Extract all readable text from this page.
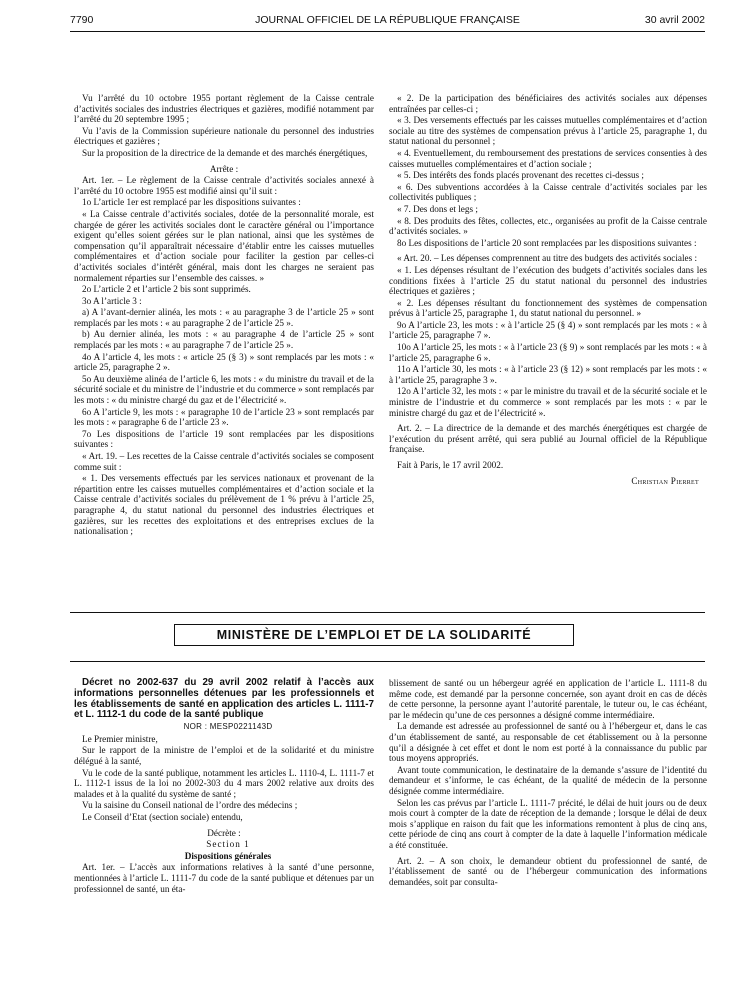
7790	JOURNAL OFFICIEL DE LA RÉPUBLIQUE FRANÇAISE	30 avril 2002

Vu l’arrêté du 10 octobre 1955 portant règlement de la Caisse centrale d’activités sociales des industries électriques et gazières, modifié notamment par l’arrêté du 20 septembre 1995 ;

Vu l’avis de la Commission supérieure nationale du personnel des industries électriques et gazières ;

Sur la proposition de la directrice de la demande et des marchés énergétiques,

Arrête :

Art. 1er. – Le règlement de la Caisse centrale d’activités sociales annexé à l’arrêté du 10 octobre 1955 est modifié ainsi qu’il suit :

1o L’article 1er est remplacé par les dispositions suivantes :

« La Caisse centrale d’activités sociales, dotée de la personnalité morale, est chargée de gérer les activités sociales dont le caractère général ou l’importance exigent qu’elles soient gérées sur le plan national, ainsi que les systèmes de compensation qu’il apparaîtrait nécessaire d’établir entre les caisses mutuelles complémentaires et d’action sociale pour faciliter la gestion par celles-ci d’activités sociales d’intérêt général, mais dont les charges ne seraient pas normalement réparties sur l’ensemble des caisses. »

2o L’article 2 et l’article 2 bis sont supprimés.

3o A l’article 3 :

a) A l’avant-dernier alinéa, les mots : « au paragraphe 3 de l’article 25 » sont remplacés par les mots : « au paragraphe 2 de l’article 25 ».

b) Au dernier alinéa, les mots : « au paragraphe 4 de l’article 25 » sont remplacés par les mots : « au paragraphe 7 de l’article 25 ».

4o A l’article 4, les mots : « article 25 (§ 3) » sont remplacés par les mots : « article 25, paragraphe 2 ».

5o Au deuxième alinéa de l’article 6, les mots : « du ministre du travail et de la sécurité sociale et du ministre de l’industrie et du commerce » sont remplacés par les mots : « du ministre chargé du gaz et de l’électricité ».

6o A l’article 9, les mots : « paragraphe 10 de l’article 23 » sont remplacés par les mots : « paragraphe 6 de l’article 23 ».

7o Les dispositions de l’article 19 sont remplacées par les dispositions suivantes :

« Art. 19. – Les recettes de la Caisse centrale d’activités sociales se composent comme suit :

« 1. Des versements effectués par les services nationaux et provenant de la répartition entre les caisses mutuelles complémentaires et d’action sociale et la Caisse centrale d’activités sociales du prélèvement de 1 % prévu à l’article 25, paragraphe 4, du statut national du personnel des industries électriques et gazières, sur les recettes des exploitations et des entreprises exclues de la nationalisation ;

« 2. De la participation des bénéficiaires des activités sociales aux dépenses entraînées par celles-ci ;

« 3. Des versements effectués par les caisses mutuelles complémentaires et d’action sociale au titre des systèmes de compensation prévus à l’article 25, paragraphe 1, du statut national du personnel ;

« 4. Eventuellement, du remboursement des prestations de services consenties à des caisses mutuelles complémentaires et d’action sociale ;

« 5. Des intérêts des fonds placés provenant des recettes ci-dessus ;

« 6. Des subventions accordées à la Caisse centrale d’activités sociales par les collectivités publiques ;

« 7. Des dons et legs ;

« 8. Des produits des fêtes, collectes, etc., organisées au profit de la Caisse centrale d’activités sociales. »

8o Les dispositions de l’article 20 sont remplacées par les dispositions suivantes :

« Art. 20. – Les dépenses comprennent au titre des budgets des activités sociales :

« 1. Les dépenses résultant de l’exécution des budgets d’activités sociales dans les conditions fixées à l’article 25 du statut national du personnel des industries électriques et gazières ;

« 2. Les dépenses résultant du fonctionnement des systèmes de compensation prévus à l’article 25, paragraphe 1, du statut national du personnel. »

9o A l’article 23, les mots : « à l’article 25 (§ 4) » sont remplacés par les mots : « à l’article 25, paragraphe 7 ».

10o A l’article 25, les mots : « à l’article 23 (§ 9) » sont remplacés par les mots : « à l’article 25, paragraphe 6 ».

11o A l’article 30, les mots : « à l’article 23 (§ 12) » sont remplacés par les mots : « à l’article 25, paragraphe 3 ».

12o A l’article 32, les mots : « par le ministre du travail et de la sécurité sociale et le ministre de l’industrie et du commerce » sont remplacés par les mots : « par le ministre chargé du gaz et de l’électricité ».

Art. 2. – La directrice de la demande et des marchés énergétiques est chargée de l’exécution du présent arrêté, qui sera publié au Journal officiel de la République française.

Fait à Paris, le 17 avril 2002.

Christian Pierret

MINISTÈRE DE L’EMPLOI ET DE LA SOLIDARITÉ

Décret no 2002-637 du 29 avril 2002 relatif à l’accès aux informations personnelles détenues par les professionnels et les établissements de santé en application des articles L. 1111-7 et L. 1112-1 du code de la santé publique

NOR : MESP0221143D

Le Premier ministre,

Sur le rapport de la ministre de l’emploi et de la solidarité et du ministre délégué à la santé,

Vu le code de la santé publique, notamment les articles L. 1110-4, L. 1111-7 et L. 1112-1 issus de la loi no 2002-303 du 4 mars 2002 relative aux droits des malades et à la qualité du système de santé ;

Vu la saisine du Conseil national de l’ordre des médecins ;

Le Conseil d’Etat (section sociale) entendu,

Décrète :

Section 1

Dispositions générales

Art. 1er. – L’accès aux informations relatives à la santé d’une personne, mentionnées à l’article L. 1111-7 du code de la santé publique et détenues par un professionnel de santé, un éta-

blissement de santé ou un hébergeur agréé en application de l’article L. 1111-8 du même code, est demandé par la personne concernée, son ayant droit en cas de décès de cette personne, la personne ayant l’autorité parentale, le tuteur ou, le cas échéant, par le médecin qu’une de ces personnes a désigné comme intermédiaire.

La demande est adressée au professionnel de santé ou à l’hébergeur et, dans le cas d’un établissement de santé, au responsable de cet établissement ou à la personne qu’il a désignée à cet effet et dont le nom est porté à la connaissance du public par tous moyens appropriés.

Avant toute communication, le destinataire de la demande s’assure de l’identité du demandeur et s’informe, le cas échéant, de la qualité de médecin de la personne désignée comme intermédiaire.

Selon les cas prévus par l’article L. 1111-7 précité, le délai de huit jours ou de deux mois court à compter de la date de réception de la demande ; lorsque le délai de deux mois s’applique en raison du fait que les informations remontent à plus de cinq ans, cette période de cinq ans court à compter de la date à laquelle l’information médicale a été constituée.

Art. 2. – A son choix, le demandeur obtient du professionnel de santé, de l’établissement de santé ou de l’hébergeur communication des informations demandées, soit par consulta-
